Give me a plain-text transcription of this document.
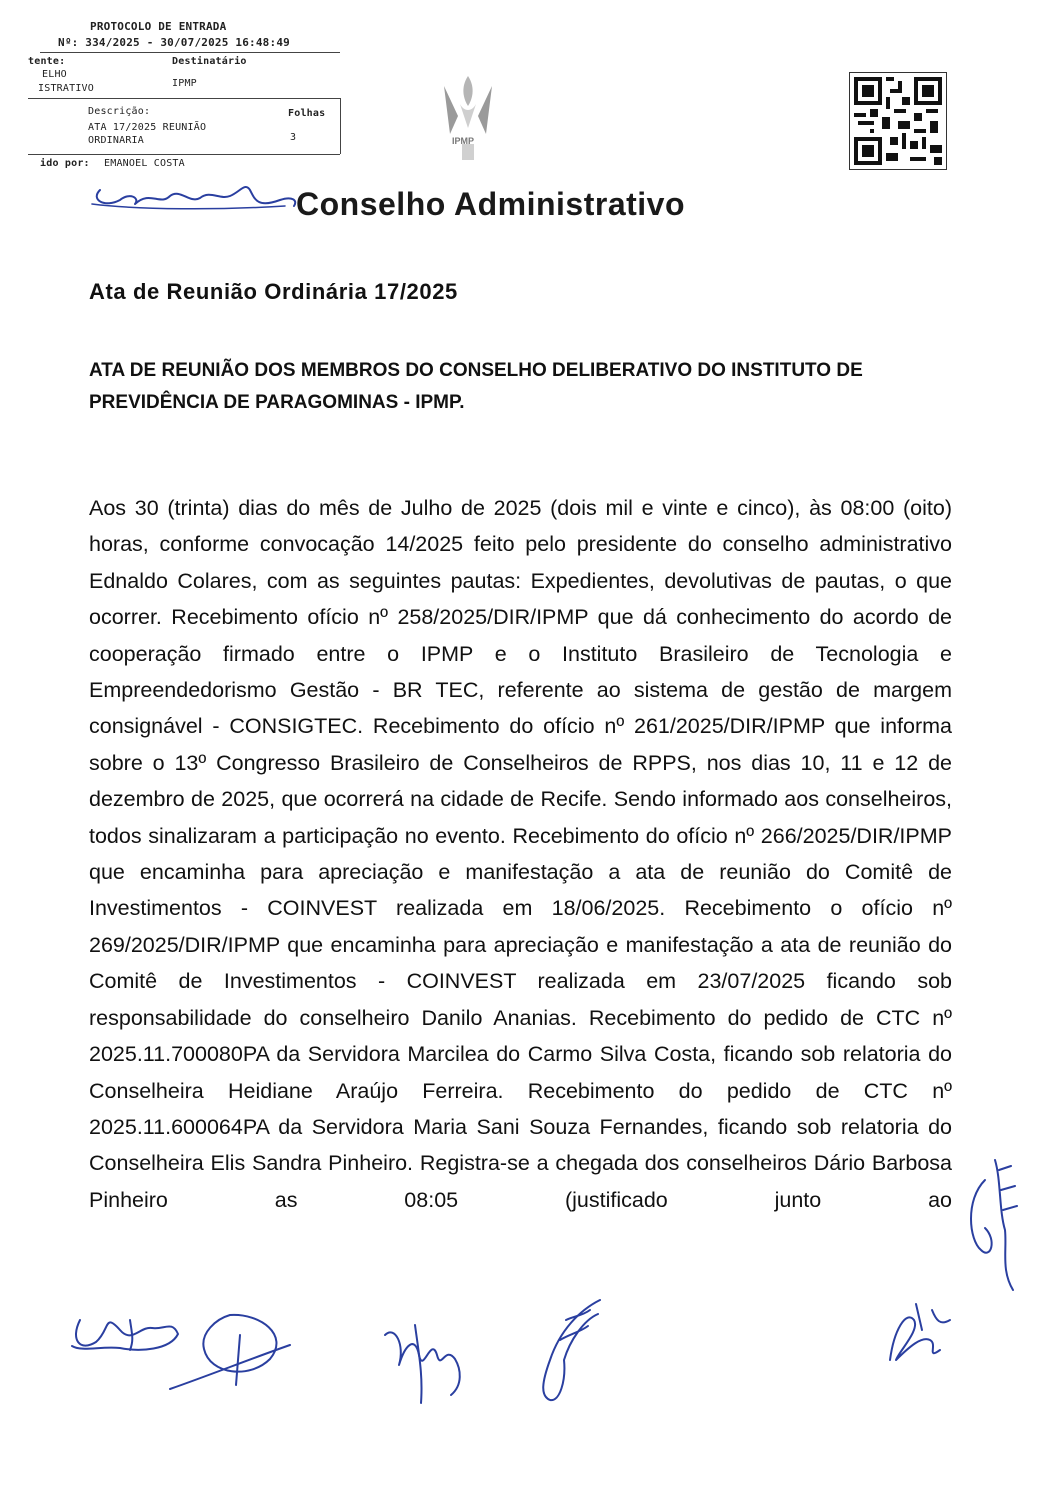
PROTOCOLO DE ENTRADA
Nº: 334/2025 - 30/07/2025 16:48:49
tente:
ELHO
ISTRATIVO
Destinatário
IPMP
Descrição:
ATA 17/2025 REUNIÃO
ORDINARIA
Folhas
3
ido por: EMANOEL COSTA
IPMP
Conselho Administrativo
Ata de Reunião Ordinária 17/2025
ATA DE REUNIÃO DOS MEMBROS DO CONSELHO DELIBERATIVO DO INSTITUTO DE PREVIDÊNCIA DE PARAGOMINAS - IPMP.
Aos 30 (trinta) dias do mês de Julho de 2025 (dois mil e vinte e cinco), às 08:00 (oito) horas, conforme convocação 14/2025 feito pelo presidente do conselho administrativo Ednaldo Colares, com as seguintes pautas: Expedientes, devolutivas de pautas, o que ocorrer. Recebimento ofício nº 258/2025/DIR/IPMP que dá conhecimento do acordo de cooperação firmado entre o IPMP e o Instituto Brasileiro de Tecnologia e Empreendedorismo Gestão - BR TEC, referente ao sistema de gestão de margem consignável - CONSIGTEC. Recebimento do ofício nº 261/2025/DIR/IPMP que informa sobre o 13º Congresso Brasileiro de Conselheiros de RPPS, nos dias 10, 11 e 12 de dezembro de 2025, que ocorrerá na cidade de Recife. Sendo informado aos conselheiros, todos sinalizaram a participação no evento. Recebimento do ofício nº 266/2025/DIR/IPMP que encaminha para apreciação e manifestação a ata de reunião do Comitê de Investimentos - COINVEST realizada em 18/06/2025. Recebimento o ofício nº 269/2025/DIR/IPMP que encaminha para apreciação e manifestação a ata de reunião do Comitê de Investimentos - COINVEST realizada em 23/07/2025 ficando sob responsabilidade do conselheiro Danilo Ananias. Recebimento do pedido de CTC nº 2025.11.700080PA da Servidora Marcilea do Carmo Silva Costa, ficando sob relatoria do Conselheira Heidiane Araújo Ferreira. Recebimento do pedido de CTC nº 2025.11.600064PA da Servidora Maria Sani Souza Fernandes, ficando sob relatoria do Conselheira Elis Sandra Pinheiro. Registra-se a chegada dos conselheiros Dário Barbosa Pinheiro as 08:05 (justificado junto ao
